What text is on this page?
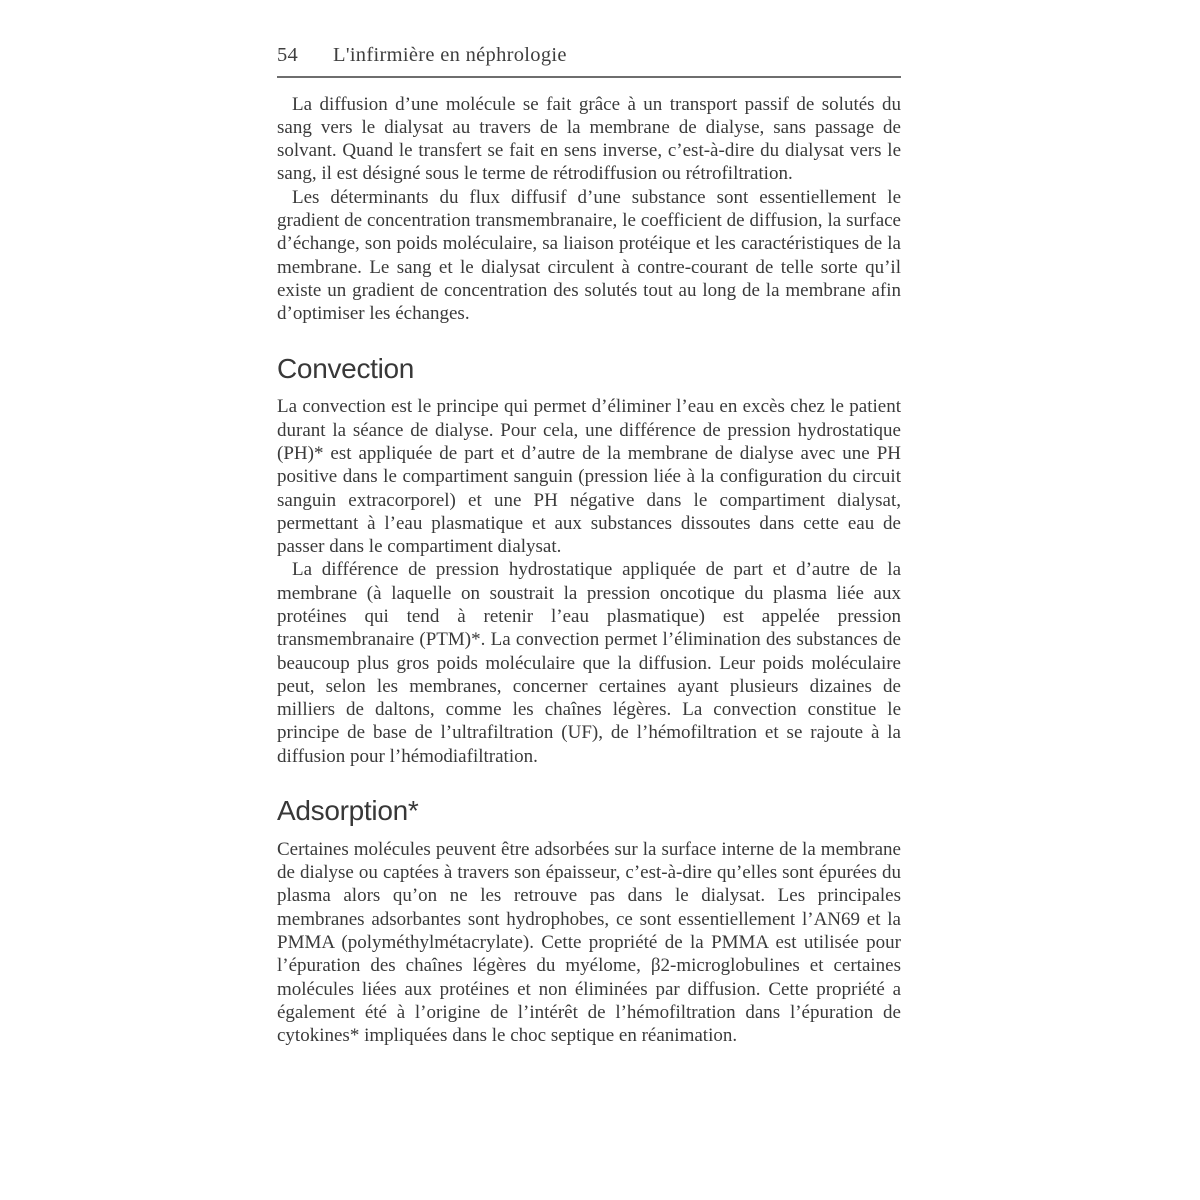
54 L'infirmière en néphrologie

La diffusion d’une molécule se fait grâce à un transport passif de solutés du sang vers le dialysat au travers de la membrane de dialyse, sans passage de solvant. Quand le transfert se fait en sens inverse, c’est-à-dire du dialysat vers le sang, il est désigné sous le terme de rétrodiffusion ou rétrofiltration.

Les déterminants du flux diffusif d’une substance sont essentiellement le gradient de concentration transmembranaire, le coefficient de diffusion, la surface d’échange, son poids moléculaire, sa liaison protéique et les caractéristiques de la membrane. Le sang et le dialysat circulent à contre-courant de telle sorte qu’il existe un gradient de concentration des solutés tout au long de la membrane afin d’optimiser les échanges.

Convection

La convection est le principe qui permet d’éliminer l’eau en excès chez le patient durant la séance de dialyse. Pour cela, une différence de pression hydrostatique (PH)* est appliquée de part et d’autre de la membrane de dialyse avec une PH positive dans le compartiment sanguin (pression liée à la configuration du circuit sanguin extracorporel) et une PH négative dans le compartiment dialysat, permettant à l’eau plasmatique et aux substances dissoutes dans cette eau de passer dans le compartiment dialysat.

La différence de pression hydrostatique appliquée de part et d’autre de la membrane (à laquelle on soustrait la pression oncotique du plasma liée aux protéines qui tend à retenir l’eau plasmatique) est appelée pression transmembranaire (PTM)*. La convection permet l’élimination des substances de beaucoup plus gros poids moléculaire que la diffusion. Leur poids moléculaire peut, selon les membranes, concerner certaines ayant plusieurs dizaines de milliers de daltons, comme les chaînes légères. La convection constitue le principe de base de l’ultrafiltration (UF), de l’hémofiltration et se rajoute à la diffusion pour l’hémodiafiltration.

Adsorption*

Certaines molécules peuvent être adsorbées sur la surface interne de la membrane de dialyse ou captées à travers son épaisseur, c’est-à-dire qu’elles sont épurées du plasma alors qu’on ne les retrouve pas dans le dialysat. Les principales membranes adsorbantes sont hydrophobes, ce sont essentiellement l’AN69 et la PMMA (polyméthylmétacrylate). Cette propriété de la PMMA est utilisée pour l’épuration des chaînes légères du myélome, β2-microglobulines et certaines molécules liées aux protéines et non éliminées par diffusion. Cette propriété a également été à l’origine de l’intérêt de l’hémofiltration dans l’épuration de cytokines* impliquées dans le choc septique en réanimation.
